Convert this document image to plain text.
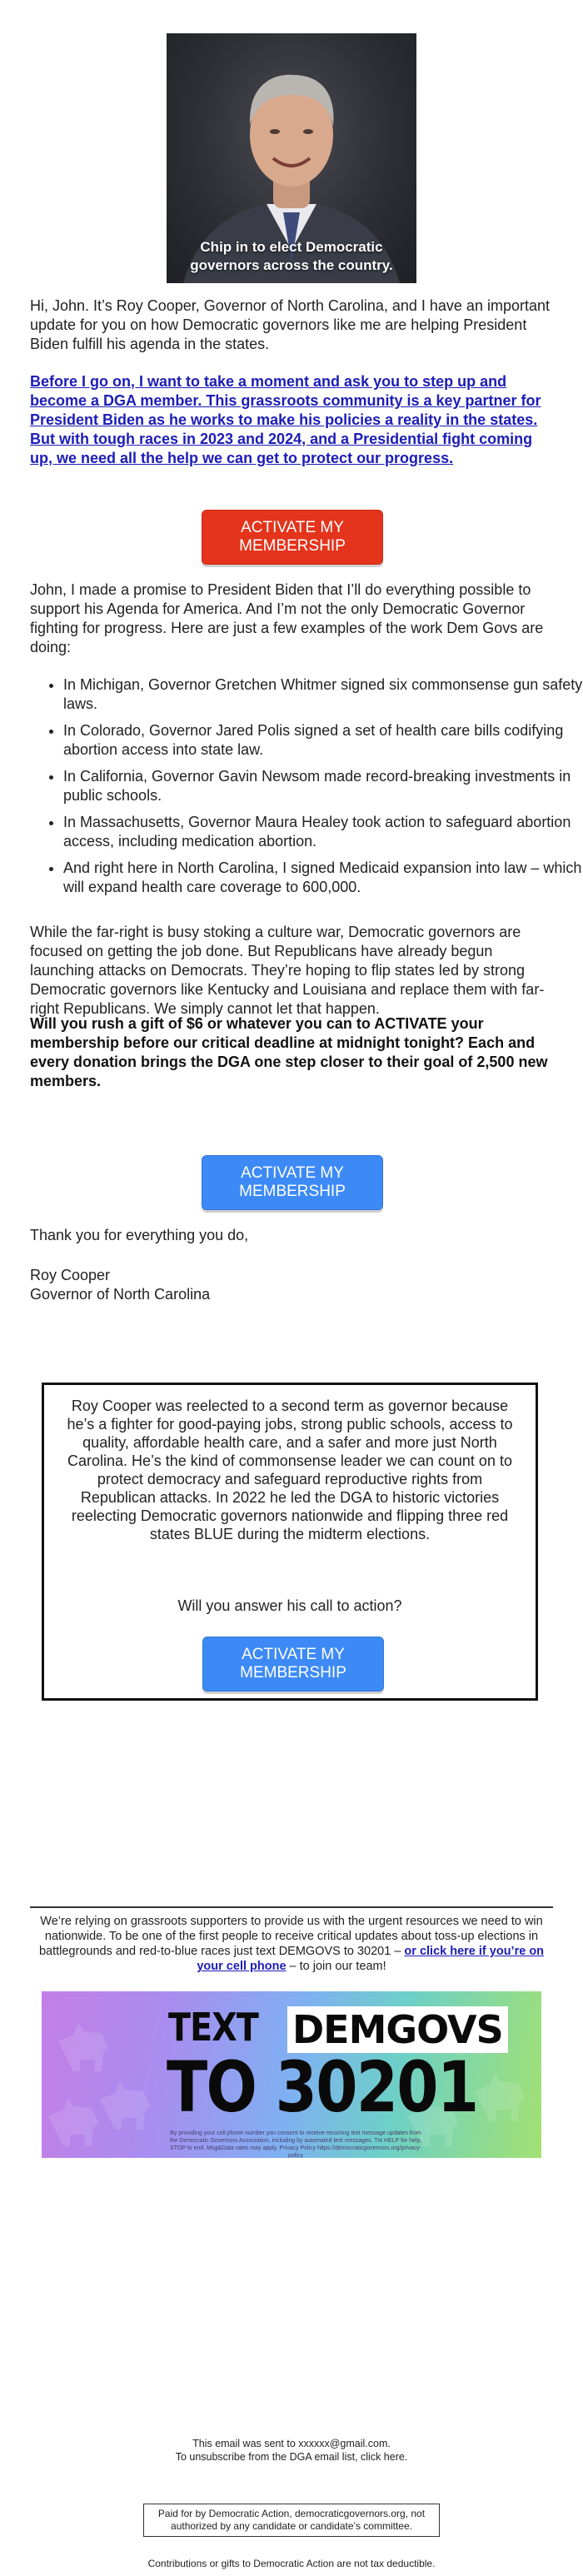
Chip in to elect Democratic governors across the country.

Hi, John. It’s Roy Cooper, Governor of North Carolina, and I have an important update for you on how Democratic governors like me are helping President Biden fulfill his agenda in the states.

Before I go on, I want to take a moment and ask you to step up and become a DGA member. This grassroots community is a key partner for President Biden as he works to make his policies a reality in the states. But with tough races in 2023 and 2024, and a Presidential fight coming up, we need all the help we can get to protect our progress.

ACTIVATE MY MEMBERSHIP

John, I made a promise to President Biden that I’ll do everything possible to support his Agenda for America. And I’m not the only Democratic Governor fighting for progress. Here are just a few examples of the work Dem Govs are doing:

• In Michigan, Governor Gretchen Whitmer signed six commonsense gun safety laws.
• In Colorado, Governor Jared Polis signed a set of health care bills codifying abortion access into state law.
• In California, Governor Gavin Newsom made record-breaking investments in public schools.
• In Massachusetts, Governor Maura Healey took action to safeguard abortion access, including medication abortion.
• And right here in North Carolina, I signed Medicaid expansion into law – which will expand health care coverage to 600,000.

While the far-right is busy stoking a culture war, Democratic governors are focused on getting the job done. But Republicans have already begun launching attacks on Democrats. They’re hoping to flip states led by strong Democratic governors like Kentucky and Louisiana and replace them with far-right Republicans. We simply cannot let that happen.

Will you rush a gift of $6 or whatever you can to ACTIVATE your membership before our critical deadline at midnight tonight? Each and every donation brings the DGA one step closer to their goal of 2,500 new members.

ACTIVATE MY MEMBERSHIP

Thank you for everything you do,

Roy Cooper

Governor of North Carolina

Roy Cooper was reelected to a second term as governor because he’s a fighter for good-paying jobs, strong public schools, access to quality, affordable health care, and a safer and more just North Carolina. He’s the kind of commonsense leader we can count on to protect democracy and safeguard reproductive rights from Republican attacks. In 2022 he led the DGA to historic victories reelecting Democratic governors nationwide and flipping three red states BLUE during the midterm elections.

Will you answer his call to action?

ACTIVATE MY MEMBERSHIP

We’re relying on grassroots supporters to provide us with the urgent resources we need to win nationwide. To be one of the first people to receive critical updates about toss-up elections in battlegrounds and red-to-blue races just text DEMGOVS to 30201 – or click here if you’re on your cell phone – to join our team!

TEXT DEMGOVS
TO 30201
By providing your cell phone number you consent to receive recurring text message updates from the Democratic Governors Association, including by automated text messages. Txt HELP for help, STOP to end. Msg&Data rates may apply. Privacy Policy https://democraticgovernors.org/privacy-policy

This email was sent to xxxxxx@gmail.com.
To unsubscribe from the DGA email list, click here.

Paid for by Democratic Action, democraticgovernors.org, not authorized by any candidate or candidate’s committee.

Contributions or gifts to Democratic Action are not tax deductible.
